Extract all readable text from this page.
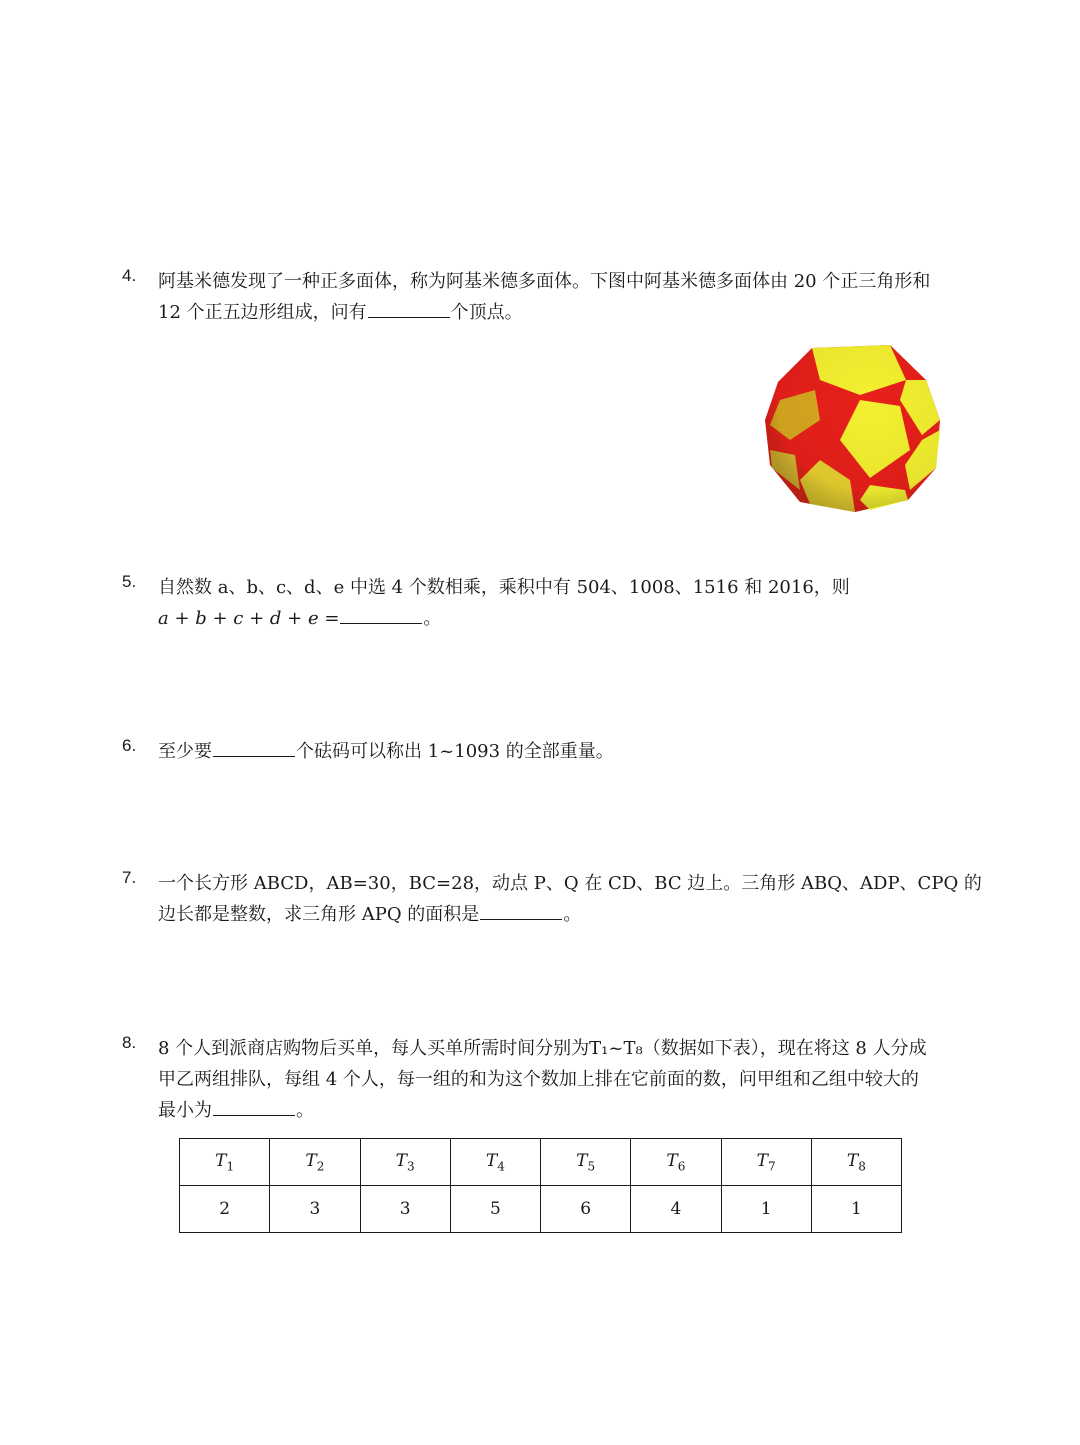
4. 阿基米德发现了一种正多面体，称为阿基米德多面体。下图中阿基米德多面体由 20 个正三角形和

12 个正五边形组成，问有	个顶点。

5. 自然数 a、b、c、d、e 中选 4 个数相乘，乘积中有 504、1008、1516 和 2016，则

a + b + c + d + e =	。

6. 至少要	个砝码可以称出 1~1093 的全部重量。

7. 一个长方形 ABCD，AB=30，BC=28，动点 P、Q 在 CD、BC 边上。三角形 ABQ、ADP、CPQ 的

边长都是整数，求三角形 APQ 的面积是	。

8. 8 个人到派商店购物后买单，每人买单所需时间分别为T₁~T₈（数据如下表），现在将这 8 人分成

甲乙两组排队，每组 4 个人，每一组的和为这个数加上排在它前面的数，问甲组和乙组中较大的

最小为	。

$T_1$	$T_2$	$T_3$	$T_4$	$T_5$	$T_6$	$T_7$	$T_8$
2	3	3	5	6	4	1	1
